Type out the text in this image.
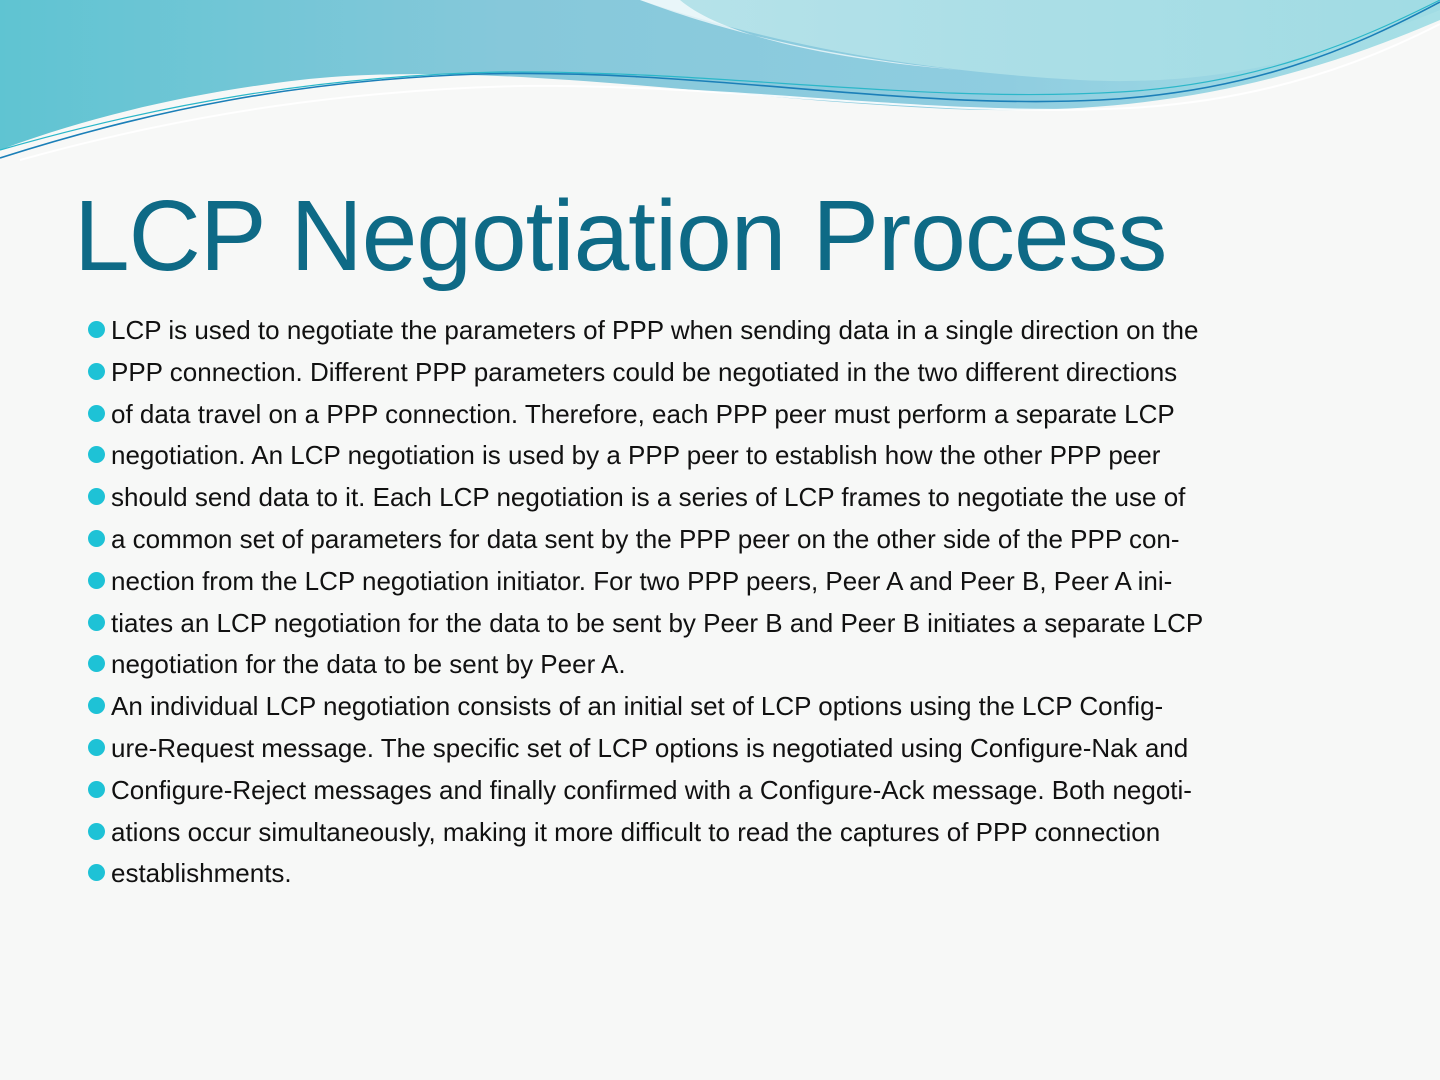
LCP Negotiation Process
LCP is used to negotiate the parameters of PPP when sending data in a single direction on the
PPP connection. Different PPP parameters could be negotiated in the two different directions
of data travel on a PPP connection. Therefore, each PPP peer must perform a separate LCP
negotiation. An LCP negotiation is used by a PPP peer to establish how the other PPP peer
should send data to it. Each LCP negotiation is a series of LCP frames to negotiate the use of
a common set of parameters for data sent by the PPP peer on the other side of the PPP con-
nection from the LCP negotiation initiator. For two PPP peers, Peer A and Peer B, Peer A ini-
tiates an LCP negotiation for the data to be sent by Peer B and Peer B initiates a separate LCP
negotiation for the data to be sent by Peer A.
An individual LCP negotiation consists of an initial set of LCP options using the LCP Config-
ure-Request message. The specific set of LCP options is negotiated using Configure-Nak and
Configure-Reject messages and finally confirmed with a Configure-Ack message. Both negoti-
ations occur simultaneously, making it more difficult to read the captures of PPP connection
establishments.
